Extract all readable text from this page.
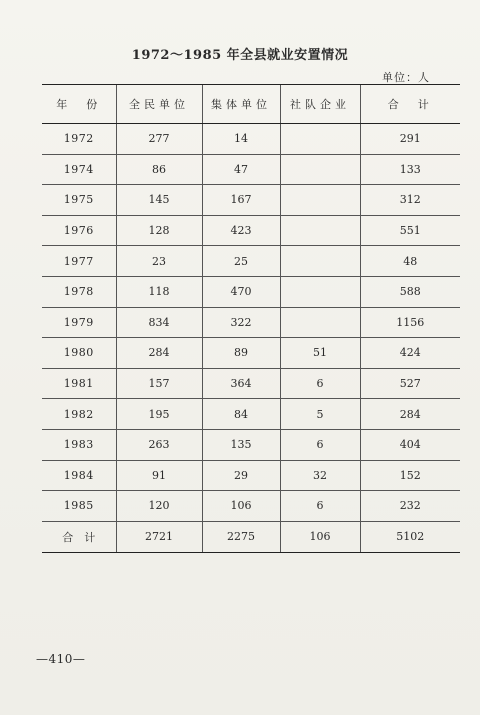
1972～1985 年全县就业安置情况
单位：人
年　份	全民单位	集体单位	社队企业	合　计
1972	277	14		291
1974	86	47		133
1975	145	167		312
1976	128	423		551
1977	23	25		48
1978	118	470		588
1979	834	322		1156
1980	284	89	51	424
1981	157	364	6	527
1982	195	84	5	284
1983	263	135	6	404
1984	91	29	32	152
1985	120	106	6	232
合　计	2721	2275	106	5102
—410—
